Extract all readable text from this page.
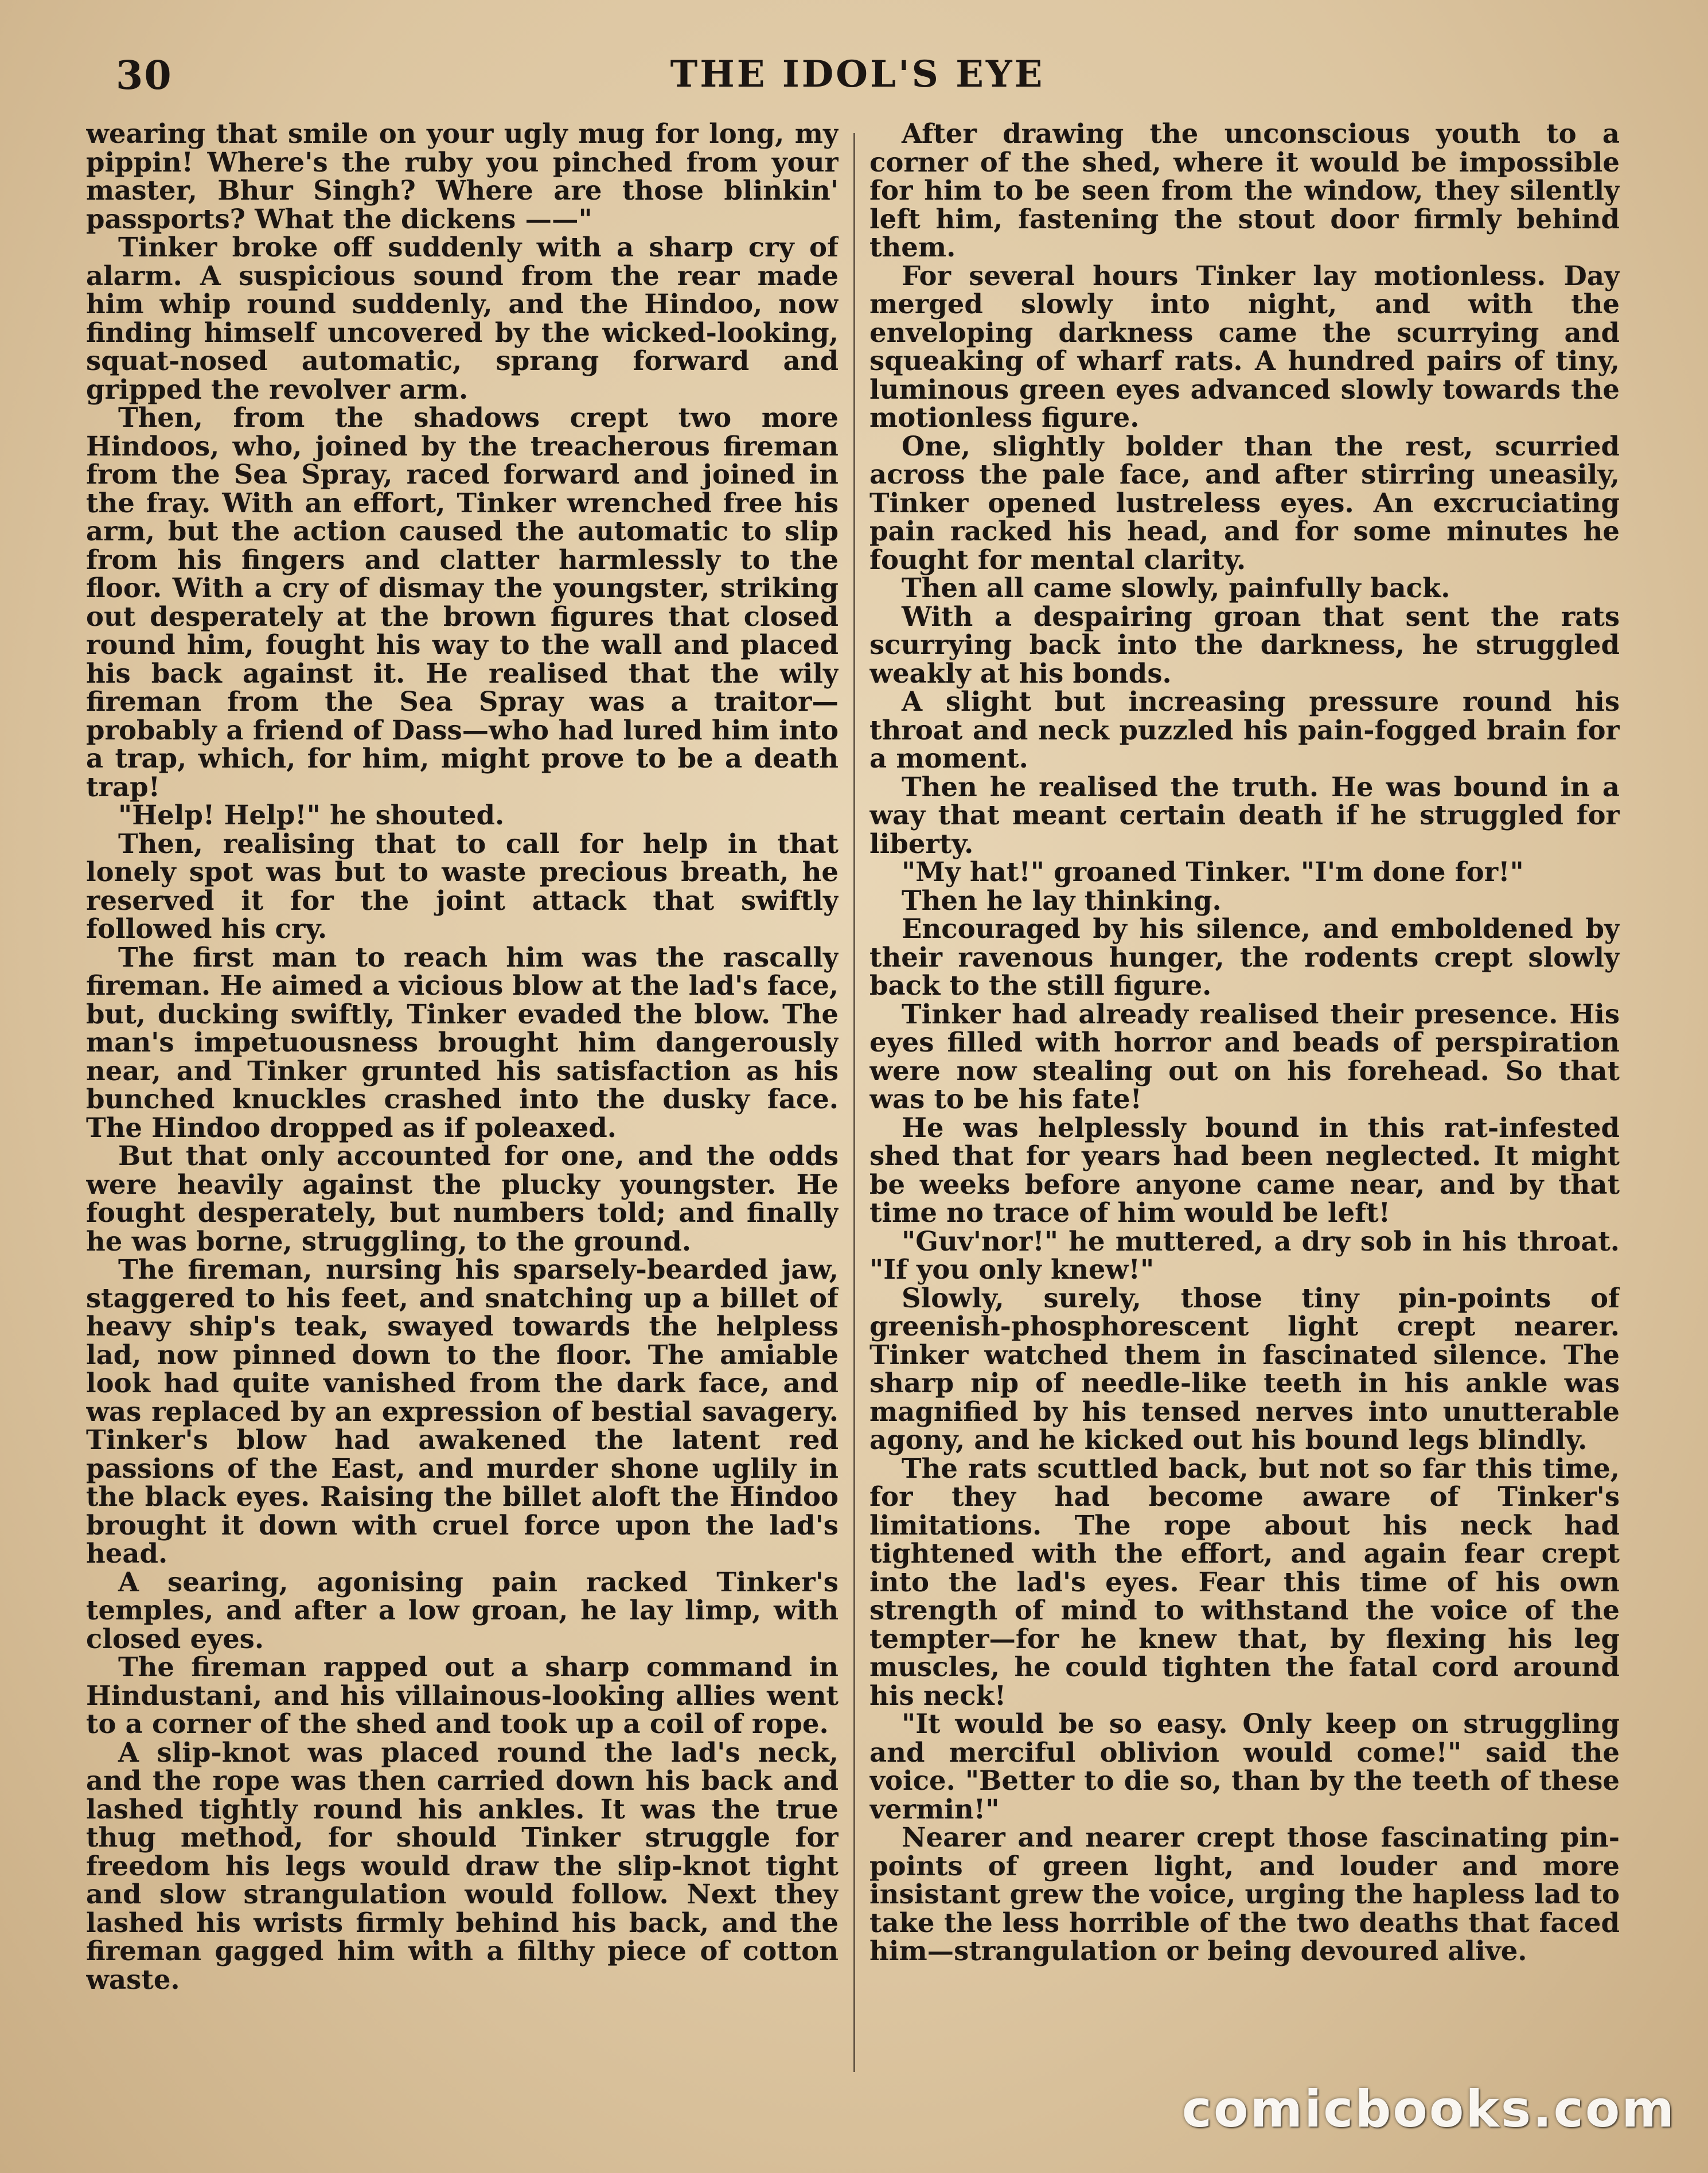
30	THE IDOL'S EYE

wearing that smile on your ugly mug for long, my pippin! Where's the ruby you pinched from your master, Bhur Singh? Where are those blinkin' passports? What the dickens ——"

Tinker broke off suddenly with a sharp cry of alarm. A suspicious sound from the rear made him whip round suddenly, and the Hindoo, now finding himself uncovered by the wicked-looking, squat-nosed automatic, sprang forward and gripped the revolver arm.

Then, from the shadows crept two more Hindoos, who, joined by the treacherous fireman from the Sea Spray, raced forward and joined in the fray. With an effort, Tinker wrenched free his arm, but the action caused the automatic to slip from his fingers and clatter harmlessly to the floor. With a cry of dismay the youngster, striking out desperately at the brown figures that closed round him, fought his way to the wall and placed his back against it. He realised that the wily fireman from the Sea Spray was a traitor—probably a friend of Dass—who had lured him into a trap, which, for him, might prove to be a death trap!

"Help! Help!" he shouted.

Then, realising that to call for help in that lonely spot was but to waste precious breath, he reserved it for the joint attack that swiftly followed his cry.

The first man to reach him was the rascally fireman. He aimed a vicious blow at the lad's face, but, ducking swiftly, Tinker evaded the blow. The man's impetuousness brought him dangerously near, and Tinker grunted his satisfaction as his bunched knuckles crashed into the dusky face. The Hindoo dropped as if poleaxed.

But that only accounted for one, and the odds were heavily against the plucky youngster. He fought desperately, but numbers told; and finally he was borne, struggling, to the ground.

The fireman, nursing his sparsely-bearded jaw, staggered to his feet, and snatching up a billet of heavy ship's teak, swayed towards the helpless lad, now pinned down to the floor. The amiable look had quite vanished from the dark face, and was replaced by an expression of bestial savagery. Tinker's blow had awakened the latent red passions of the East, and murder shone uglily in the black eyes. Raising the billet aloft the Hindoo brought it down with cruel force upon the lad's head.

A searing, agonising pain racked Tinker's temples, and after a low groan, he lay limp, with closed eyes.

The fireman rapped out a sharp command in Hindustani, and his villainous-looking allies went to a corner of the shed and took up a coil of rope.

A slip-knot was placed round the lad's neck, and the rope was then carried down his back and lashed tightly round his ankles. It was the true thug method, for should Tinker struggle for freedom his legs would draw the slip-knot tight and slow strangulation would follow. Next they lashed his wrists firmly behind his back, and the fireman gagged him with a filthy piece of cotton waste.

After drawing the unconscious youth to a corner of the shed, where it would be impossible for him to be seen from the window, they silently left him, fastening the stout door firmly behind them.

For several hours Tinker lay motionless. Day merged slowly into night, and with the enveloping darkness came the scurrying and squeaking of wharf rats. A hundred pairs of tiny, luminous green eyes advanced slowly towards the motionless figure.

One, slightly bolder than the rest, scurried across the pale face, and after stirring uneasily, Tinker opened lustreless eyes. An excruciating pain racked his head, and for some minutes he fought for mental clarity.

Then all came slowly, painfully back.

With a despairing groan that sent the rats scurrying back into the darkness, he struggled weakly at his bonds.

A slight but increasing pressure round his throat and neck puzzled his pain-fogged brain for a moment.

Then he realised the truth. He was bound in a way that meant certain death if he struggled for liberty.

"My hat!" groaned Tinker. "I'm done for!"

Then he lay thinking.

Encouraged by his silence, and emboldened by their ravenous hunger, the rodents crept slowly back to the still figure.

Tinker had already realised their presence. His eyes filled with horror and beads of perspiration were now stealing out on his forehead. So that was to be his fate!

He was helplessly bound in this rat-infested shed that for years had been neglected. It might be weeks before anyone came near, and by that time no trace of him would be left!

"Guv'nor!" he muttered, a dry sob in his throat. "If you only knew!"

Slowly, surely, those tiny pin-points of greenish-phosphorescent light crept nearer. Tinker watched them in fascinated silence. The sharp nip of needle-like teeth in his ankle was magnified by his tensed nerves into unutterable agony, and he kicked out his bound legs blindly.

The rats scuttled back, but not so far this time, for they had become aware of Tinker's limitations. The rope about his neck had tightened with the effort, and again fear crept into the lad's eyes. Fear this time of his own strength of mind to withstand the voice of the tempter—for he knew that, by flexing his leg muscles, he could tighten the fatal cord around his neck!

"It would be so easy. Only keep on struggling and merciful oblivion would come!" said the voice. "Better to die so, than by the teeth of these vermin!"

Nearer and nearer crept those fascinating pin-points of green light, and louder and more insistant grew the voice, urging the hapless lad to take the less horrible of the two deaths that faced him—strangulation or being devoured alive.

comicbooks.com
